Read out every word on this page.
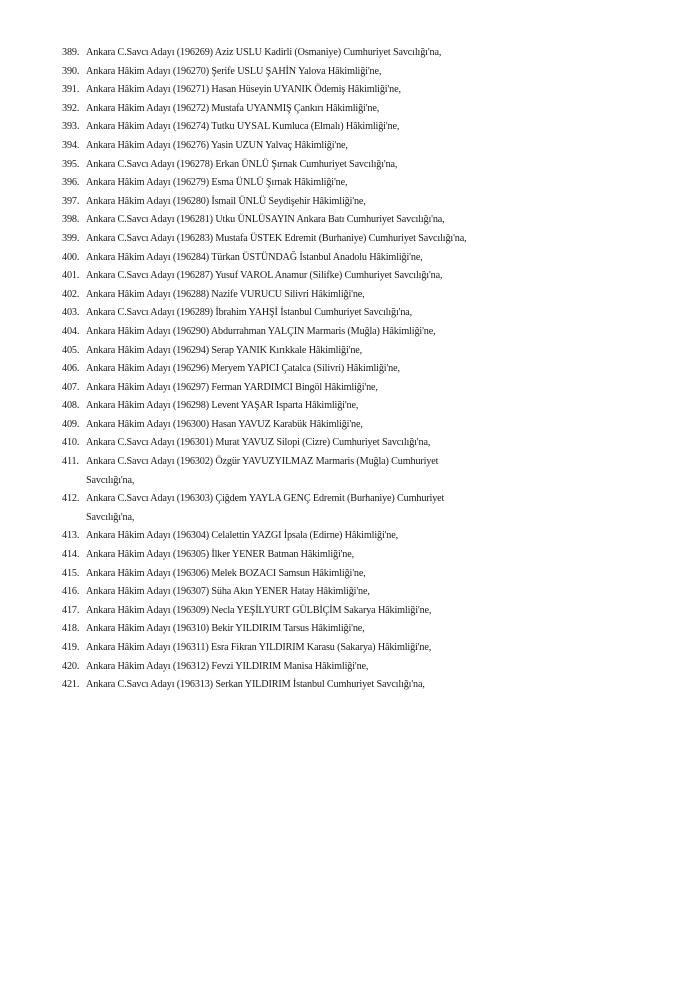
389. Ankara C.Savcı Adayı (196269) Aziz USLU Kadirli (Osmaniye) Cumhuriyet Savcılığı'na,
390. Ankara Hâkim Adayı (196270) Şerife USLU ŞAHİN Yalova Hâkimliği'ne,
391. Ankara Hâkim Adayı (196271) Hasan Hüseyin UYANIK Ödemiş Hâkimliği'ne,
392. Ankara Hâkim Adayı (196272) Mustafa UYANMIŞ Çankırı Hâkimliği'ne,
393. Ankara Hâkim Adayı (196274) Tutku UYSAL Kumluca (Elmalı) Hâkimliği'ne,
394. Ankara Hâkim Adayı (196276) Yasin UZUN Yalvaç Hâkimliği'ne,
395. Ankara C.Savcı Adayı (196278) Erkan ÜNLÜ Şırnak Cumhuriyet Savcılığı'na,
396. Ankara Hâkim Adayı (196279) Esma ÜNLÜ Şırnak Hâkimliği'ne,
397. Ankara Hâkim Adayı (196280) İsmail ÜNLÜ Seydişehir Hâkimliği'ne,
398. Ankara C.Savcı Adayı (196281) Utku ÜNLÜSAYIN Ankara Batı Cumhuriyet Savcılığı'na,
399. Ankara C.Savcı Adayı (196283) Mustafa ÜSTEK Edremit (Burhaniye) Cumhuriyet Savcılığı'na,
400. Ankara Hâkim Adayı (196284) Türkan ÜSTÜNDAĞ İstanbul Anadolu Hâkimliği'ne,
401. Ankara C.Savcı Adayı (196287) Yusuf VAROL Anamur (Silifke) Cumhuriyet Savcılığı'na,
402. Ankara Hâkim Adayı (196288) Nazife VURUCU Silivri Hâkimliği'ne,
403. Ankara C.Savcı Adayı (196289) İbrahim YAHŞİ İstanbul Cumhuriyet Savcılığı'na,
404. Ankara Hâkim Adayı (196290) Abdurrahman YALÇIN Marmaris (Muğla) Hâkimliği'ne,
405. Ankara Hâkim Adayı (196294) Serap YANIK Kırıkkale Hâkimliği'ne,
406. Ankara Hâkim Adayı (196296) Meryem YAPICI Çatalca (Silivri) Hâkimliği'ne,
407. Ankara Hâkim Adayı (196297) Ferman YARDIMCI Bingöl Hâkimliği'ne,
408. Ankara Hâkim Adayı (196298) Levent YAŞAR Isparta Hâkimliği'ne,
409. Ankara Hâkim Adayı (196300) Hasan YAVUZ Karabük Hâkimliği'ne,
410. Ankara C.Savcı Adayı (196301) Murat YAVUZ Silopi (Cizre) Cumhuriyet Savcılığı'na,
411. Ankara C.Savcı Adayı (196302) Özgür YAVUZYILMAZ Marmaris (Muğla) Cumhuriyet Savcılığı'na,
412. Ankara C.Savcı Adayı (196303) Çiğdem YAYLA GENÇ Edremit (Burhaniye) Cumhuriyet Savcılığı'na,
413. Ankara Hâkim Adayı (196304) Celalettin YAZGI İpsala (Edirne) Hâkimliği'ne,
414. Ankara Hâkim Adayı (196305) İlker YENER Batman Hâkimliği'ne,
415. Ankara Hâkim Adayı (196306) Melek BOZACI Samsun Hâkimliği'ne,
416. Ankara Hâkim Adayı (196307) Süha Akın YENER Hatay Hâkimliği'ne,
417. Ankara Hâkim Adayı (196309) Necla YEŞİLYURT GÜLBİÇİM Sakarya Hâkimliği'ne,
418. Ankara Hâkim Adayı (196310) Bekir YILDIRIM Tarsus Hâkimliği'ne,
419. Ankara Hâkim Adayı (196311) Esra Fikran YILDIRIM Karasu (Sakarya) Hâkimliği'ne,
420. Ankara Hâkim Adayı (196312) Fevzi YILDIRIM Manisa Hâkimliği'ne,
421. Ankara C.Savcı Adayı (196313) Serkan YILDIRIM İstanbul Cumhuriyet Savcılığı'na,
